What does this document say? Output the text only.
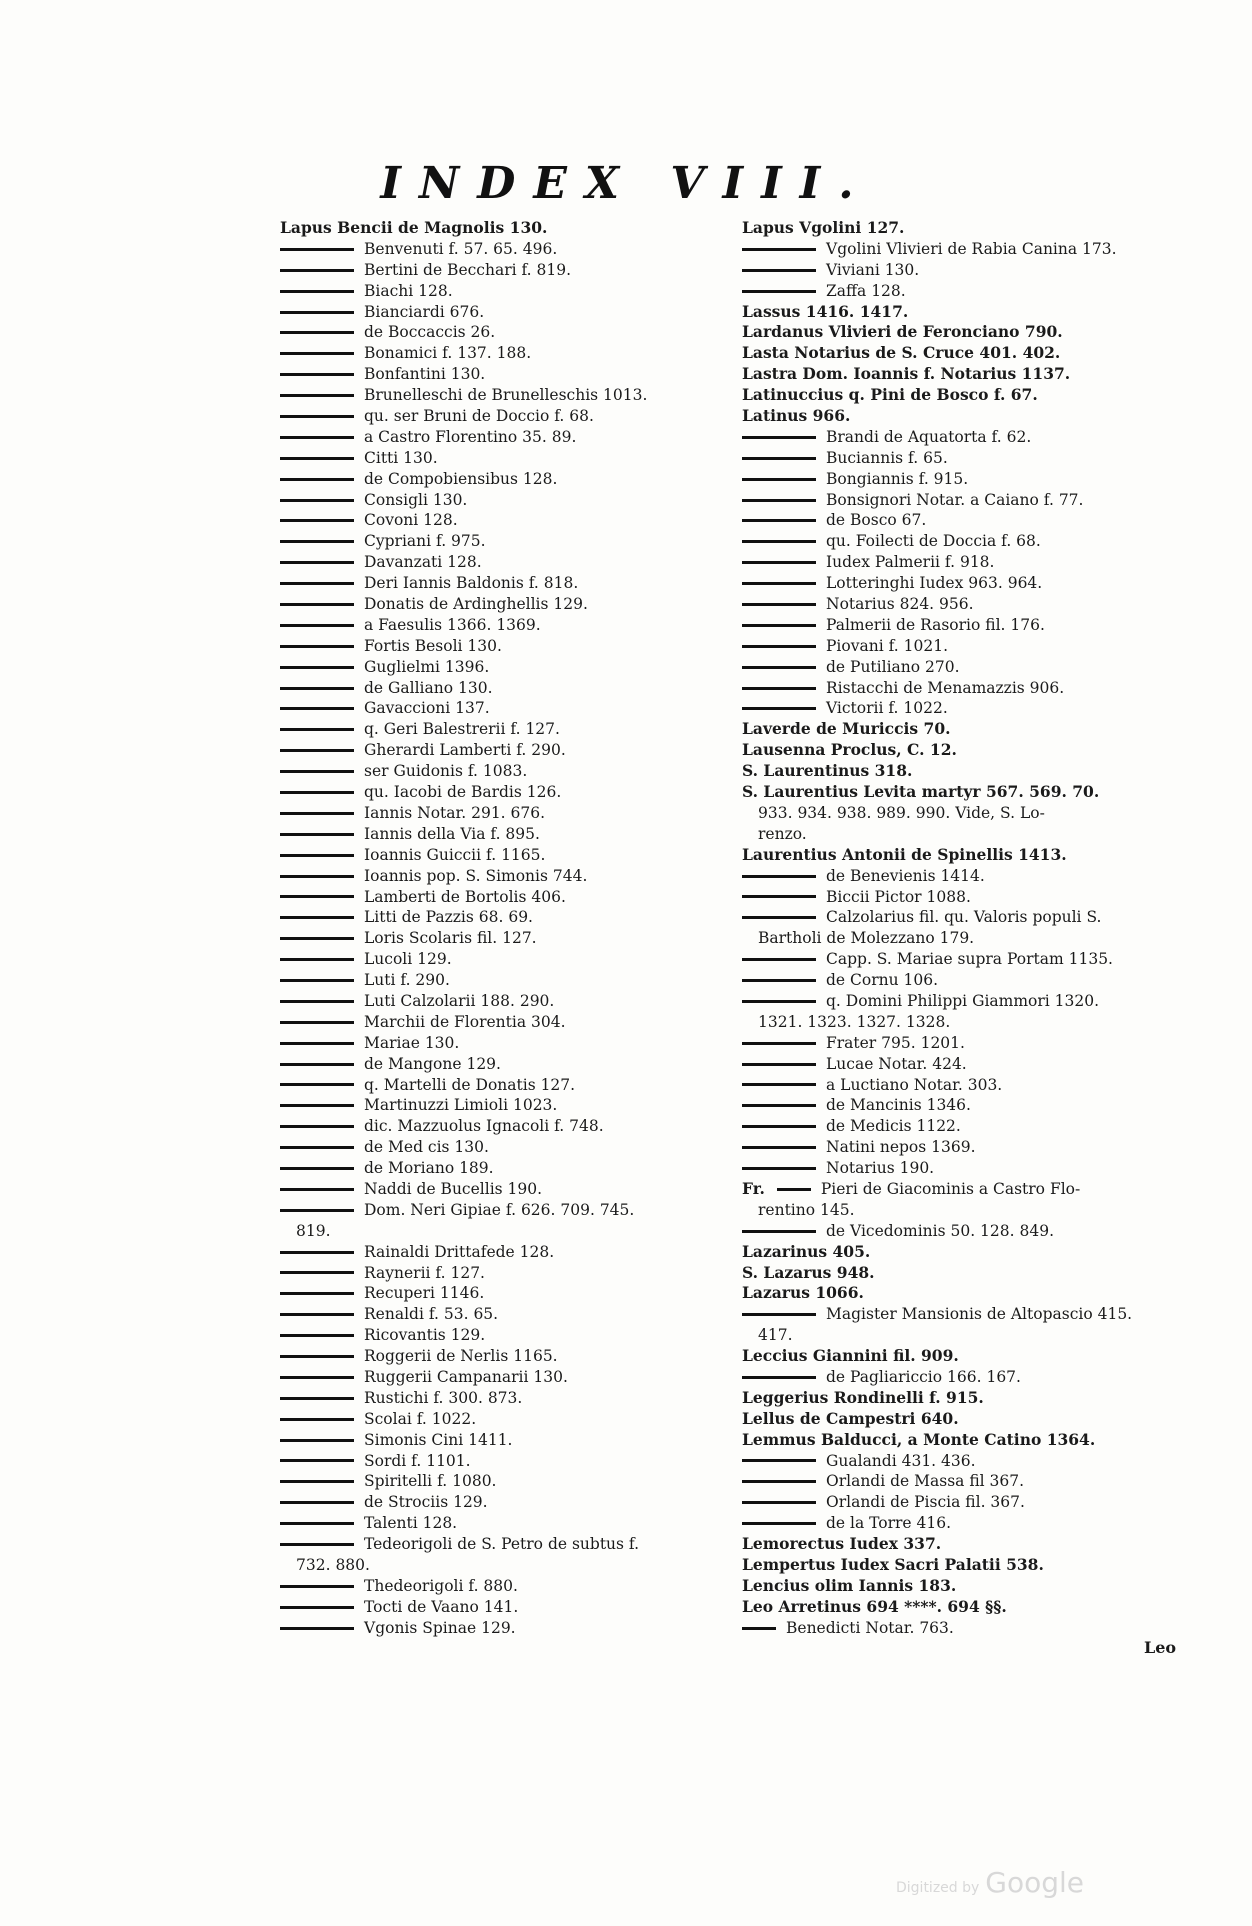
INDEX VIII.
Lapus Bencii de Magnolis 130.
Benvenuti f. 57. 65. 496.
Bertini de Becchari f. 819.
Biachi 128.
Bianciardi 676.
de Boccaccis 26.
Bonamici f. 137. 188.
Bonfantini 130.
Brunelleschi de Brunelleschis 1013.
qu. ser Bruni de Doccio f. 68.
a Castro Florentino 35. 89.
Citti 130.
de Compobiensibus 128.
Consigli 130.
Covoni 128.
Cypriani f. 975.
Davanzati 128.
Deri Iannis Baldonis f. 818.
Donatis de Ardinghellis 129.
a Faesulis 1366. 1369.
Fortis Besoli 130.
Guglielmi 1396.
de Galliano 130.
Gavaccioni 137.
q. Geri Balestrerii f. 127.
Gherardi Lamberti f. 290.
ser Guidonis f. 1083.
qu. Iacobi de Bardis 126.
Iannis Notar. 291. 676.
Iannis della Via f. 895.
Ioannis Guiccii f. 1165.
Ioannis pop. S. Simonis 744.
Lamberti de Bortolis 406.
Litti de Pazzis 68. 69.
Loris Scolaris fil. 127.
Lucoli 129.
Luti f. 290.
Luti Calzolarii 188. 290.
Marchii de Florentia 304.
Mariae 130.
de Mangone 129.
q. Martelli de Donatis 127.
Martinuzzi Limioli 1023.
dic. Mazzuolus Ignacoli f. 748.
de Med cis 130.
de Moriano 189.
Naddi de Bucellis 190.
Dom. Neri Gipiae f. 626. 709. 745.
819.
Rainaldi Drittafede 128.
Raynerii f. 127.
Recuperi 1146.
Renaldi f. 53. 65.
Ricovantis 129.
Roggerii de Nerlis 1165.
Ruggerii Campanarii 130.
Rustichi f. 300. 873.
Scolai f. 1022.
Simonis Cini 1411.
Sordi f. 1101.
Spiritelli f. 1080.
de Strociis 129.
Talenti 128.
Tedeorigoli de S. Petro de subtus f.
732. 880.
Thedeorigoli f. 880.
Tocti de Vaano 141.
Vgonis Spinae 129.
Lapus Vgolini 127.
Vgolini Vlivieri de Rabia Canina 173.
Viviani 130.
Zaffa 128.
Lassus 1416. 1417.
Lardanus Vlivieri de Feronciano 790.
Lasta Notarius de S. Cruce 401. 402.
Lastra Dom. Ioannis f. Notarius 1137.
Latinuccius q. Pini de Bosco f. 67.
Latinus 966.
Brandi de Aquatorta f. 62.
Buciannis f. 65.
Bongiannis f. 915.
Bonsignori Notar. a Caiano f. 77.
de Bosco 67.
qu. Foilecti de Doccia f. 68.
Iudex Palmerii f. 918.
Lotteringhi Iudex 963. 964.
Notarius 824. 956.
Palmerii de Rasorio fil. 176.
Piovani f. 1021.
de Putiliano 270.
Ristacchi de Menamazzis 906.
Victorii f. 1022.
Laverde de Muriccis 70.
Lausenna Proclus, C. 12.
S. Laurentinus 318.
S. Laurentius Levita martyr 567. 569. 70.
933. 934. 938. 989. 990. Vide, S. Lo-
renzo.
Laurentius Antonii de Spinellis 1413.
de Benevienis 1414.
Biccii Pictor 1088.
Calzolarius fil. qu. Valoris populi S.
Bartholi de Molezzano 179.
Capp. S. Mariae supra Portam 1135.
de Cornu 106.
q. Domini Philippi Giammori 1320.
1321. 1323. 1327. 1328.
Frater 795. 1201.
Lucae Notar. 424.
a Luctiano Notar. 303.
de Mancinis 1346.
de Medicis 1122.
Natini nepos 1369.
Notarius 190.
Fr.	Pieri de Giacominis a Castro Flo-
rentino 145.
de Vicedominis 50. 128. 849.
Lazarinus 405.
S. Lazarus 948.
Lazarus 1066.
Magister Mansionis de Altopascio 415.
417.
Leccius Giannini fil. 909.
de Pagliariccio 166. 167.
Leggerius Rondinelli f. 915.
Lellus de Campestri 640.
Lemmus Balducci, a Monte Catino 1364.
Gualandi 431. 436.
Orlandi de Massa fil 367.
Orlandi de Piscia fil. 367.
de la Torre 416.
Lemorectus Iudex 337.
Lempertus Iudex Sacri Palatii 538.
Lencius olim Iannis 183.
Leo Arretinus 694 ****. 694 §§.
Benedicti Notar. 763.
Leo
Digitized by Google
